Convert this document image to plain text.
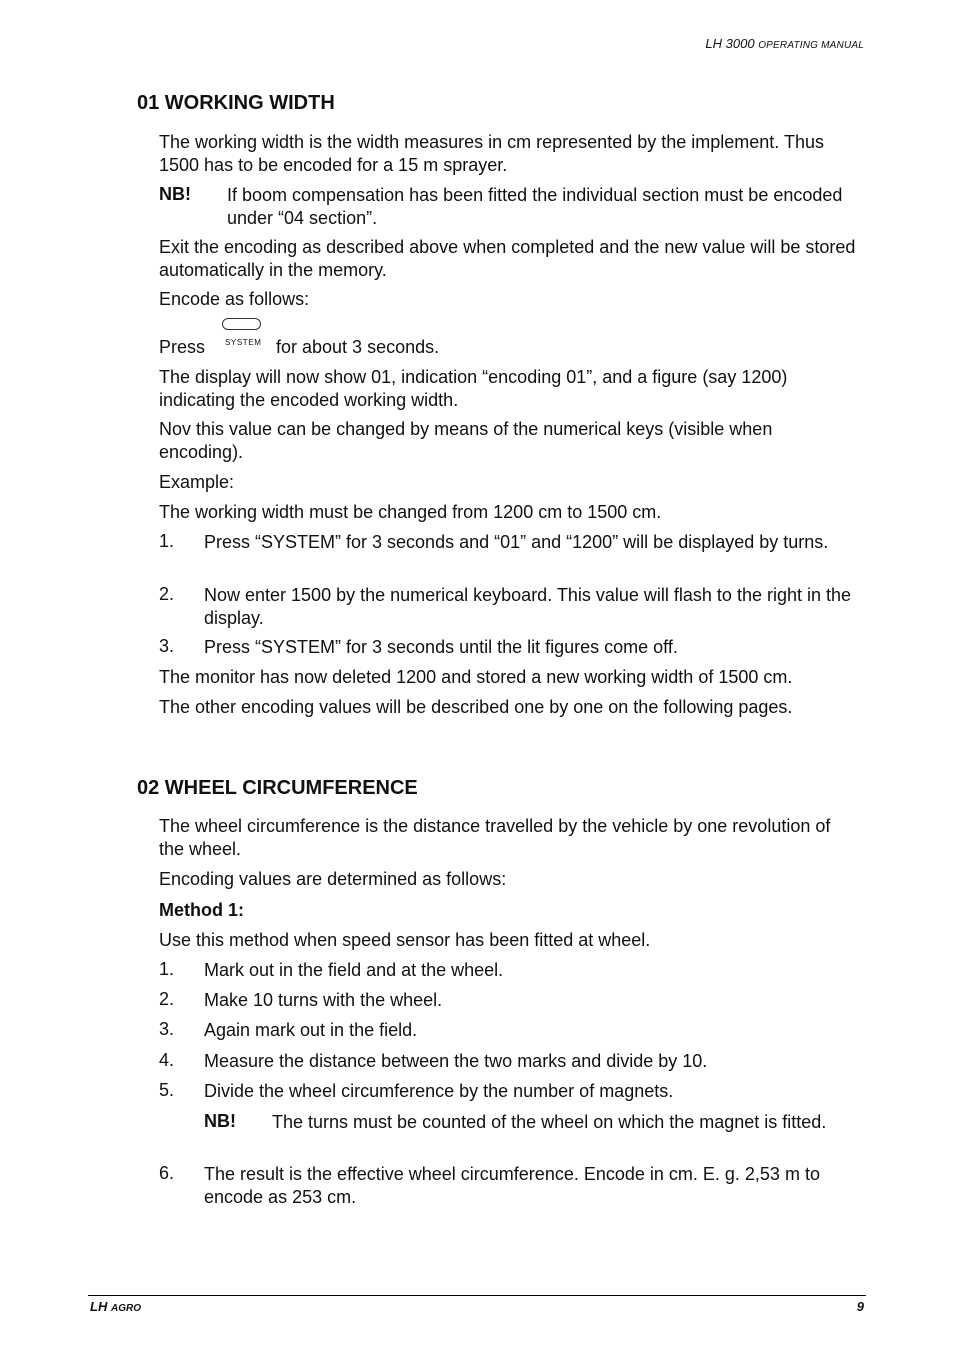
LH 3000 OPERATING MANUAL
01 WORKING WIDTH

The working width is the width measures in cm represented by the implement. Thus 1500 has to be encoded for a 15 m sprayer.

NB! If boom compensation has been fitted the individual section must be encoded under “04 section”.

Exit the encoding as described above when completed and the new value will be stored automatically in the memory.

Encode as follows:

Press SYSTEM for about 3 seconds.

The display will now show 01, indication “encoding 01”, and a figure (say 1200) indicating the encoded working width.

Nov this value can be changed by means of the numerical keys (visible when encoding).

Example:

The working width must be changed from 1200 cm to 1500 cm.

1. Press “SYSTEM” for 3 seconds and “01” and “1200” will be displayed by turns.
2. Now enter 1500 by the numerical keyboard. This value will flash to the right in the display.
3. Press “SYSTEM” for 3 seconds until the lit figures come off.

The monitor has now deleted 1200 and stored a new working width of 1500 cm.

The other encoding values will be described one by one on the following pages.

02 WHEEL CIRCUMFERENCE

The wheel circumference is the distance travelled by the vehicle by one revolution of the wheel.

Encoding values are determined as follows:

Method 1:

Use this method when speed sensor has been fitted at wheel.

1. Mark out in the field and at the wheel.
2. Make 10 turns with the wheel.
3. Again mark out in the field.
4. Measure the distance between the two marks and divide by 10.
5. Divide the wheel circumference by the number of magnets.
NB! The turns must be counted of the wheel on which the magnet is fitted.
6. The result is the effective wheel circumference. Encode in cm. E. g. 2,53 m to encode as 253 cm.
LH AGRO	9
